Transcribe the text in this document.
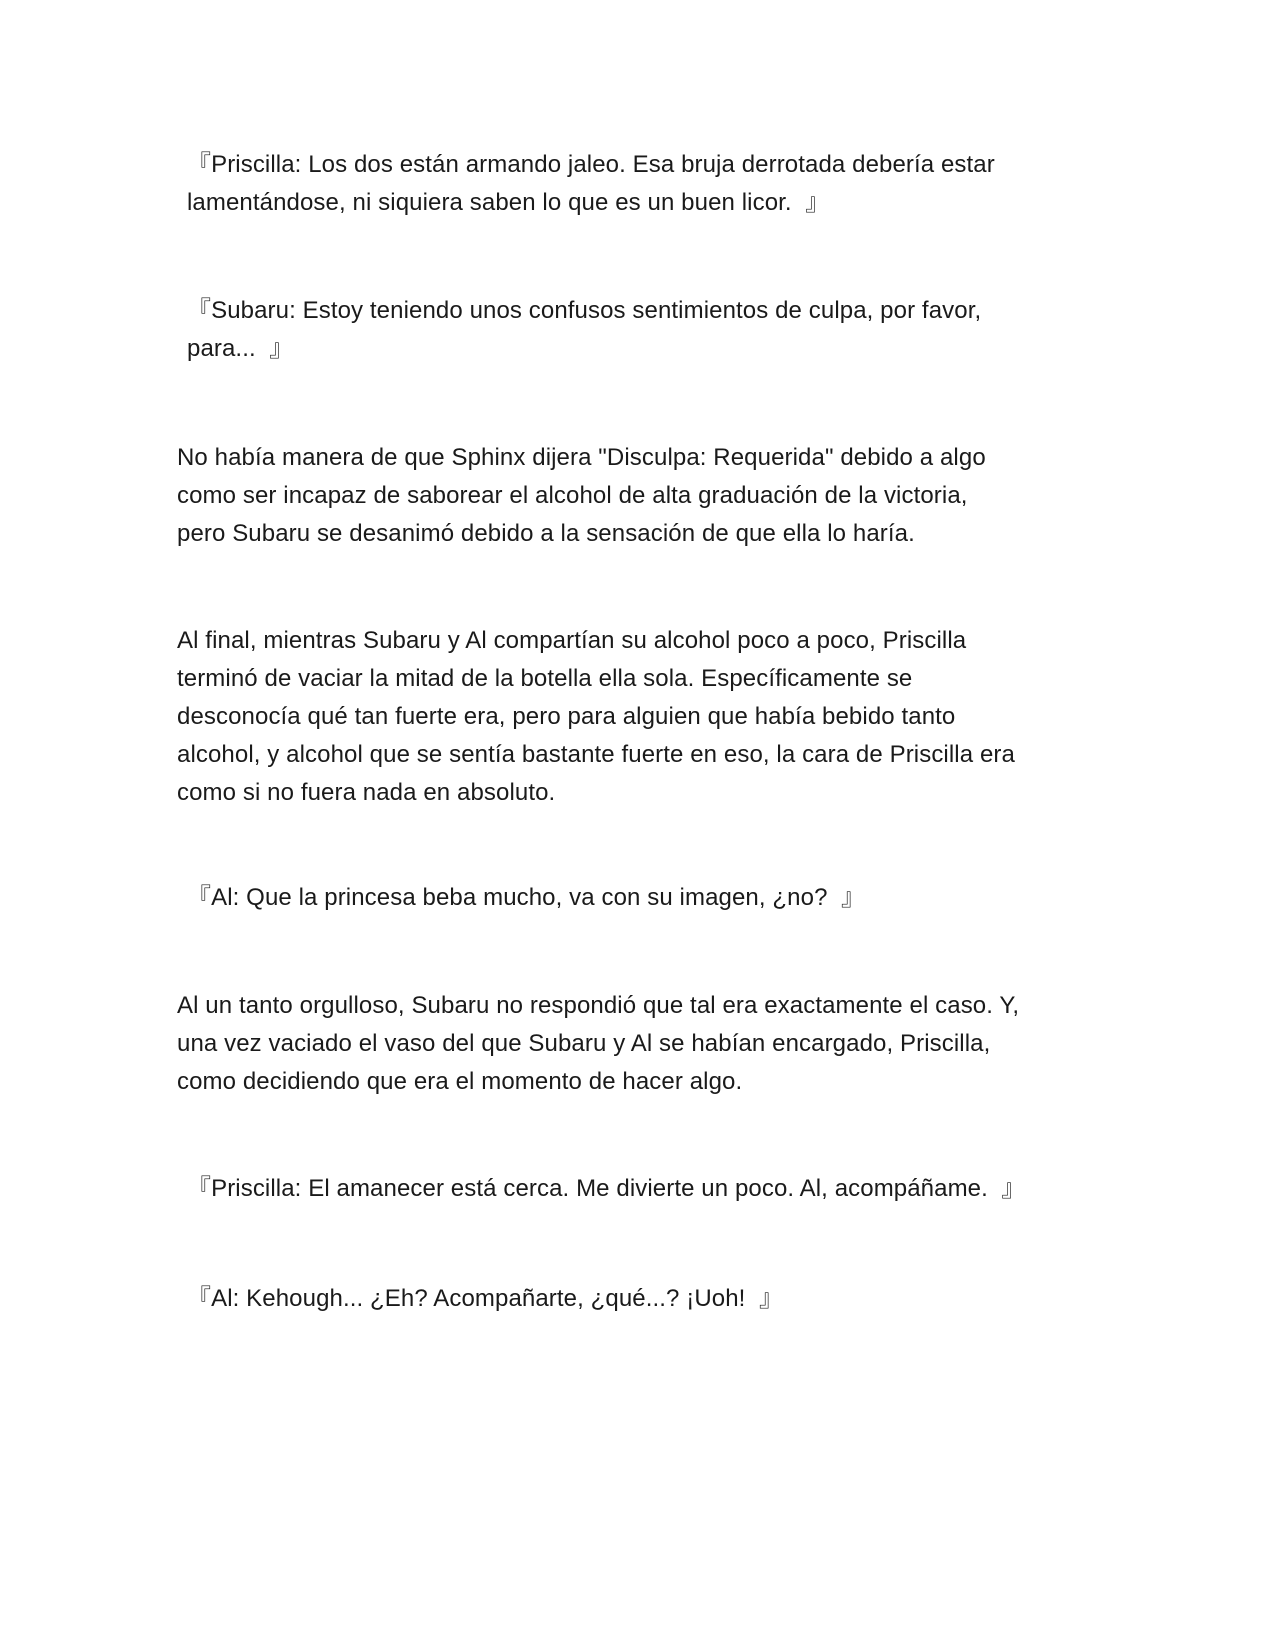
『Priscilla: Los dos están armando jaleo. Esa bruja derrotada debería estar
lamentándose, ni siquiera saben lo que es un buen licor.  』

『Subaru: Estoy teniendo unos confusos sentimientos de culpa, por favor,
para...  』

No había manera de que Sphinx dijera "Disculpa: Requerida" debido a algo
como ser incapaz de saborear el alcohol de alta graduación de la victoria,
pero Subaru se desanimó debido a la sensación de que ella lo haría.

Al final, mientras Subaru y Al compartían su alcohol poco a poco, Priscilla
terminó de vaciar la mitad de la botella ella sola. Específicamente se
desconocía qué tan fuerte era, pero para alguien que había bebido tanto
alcohol, y alcohol que se sentía bastante fuerte en eso, la cara de Priscilla era
como si no fuera nada en absoluto.

『Al: Que la princesa beba mucho, va con su imagen, ¿no?  』

Al un tanto orgulloso, Subaru no respondió que tal era exactamente el caso. Y,
una vez vaciado el vaso del que Subaru y Al se habían encargado, Priscilla,
como decidiendo que era el momento de hacer algo.

『Priscilla: El amanecer está cerca. Me divierte un poco. Al, acompáñame.  』

『Al: Kehough... ¿Eh? Acompañarte, ¿qué...? ¡Uoh!  』
